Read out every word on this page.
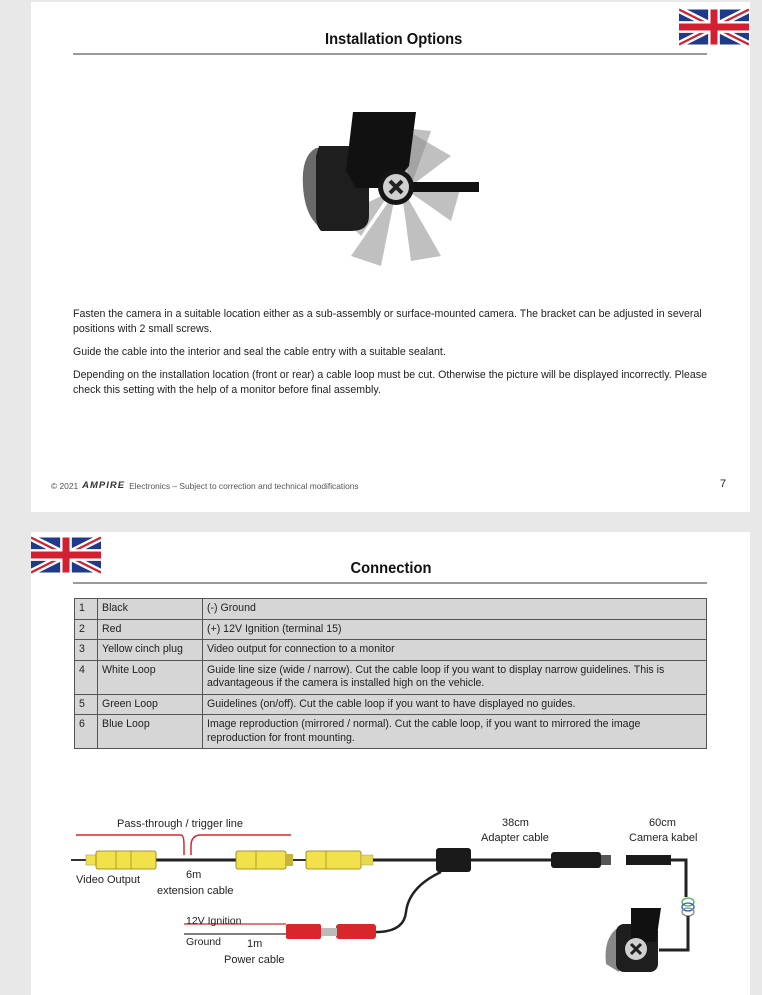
Installation Options

Fasten the camera in a suitable location either as a sub-assembly or surface-mounted camera. The bracket can be adjusted in several positions with 2 small screws.

Guide the cable into the interior and seal the cable entry with a suitable sealant.

Depending on the installation location (front or rear) a cable loop must be cut. Otherwise the picture will be displayed incorrectly. Please check this setting with the help of a monitor before final assembly.

© 2021 AMPIRE Electronics – Subject to correction and technical modifications	7
Connection
1	Black	(-) Ground
2	Red	(+) 12V Ignition (terminal 15)
3	Yellow cinch plug	Video output for connection to a monitor
4	White Loop	Guide line size (wide / narrow). Cut the cable loop if you want to display narrow guidelines. This is advantageous if the camera is installed high on the vehicle.
5	Green Loop	Guidelines (on/off). Cut the cable loop if you want to have displayed no guides.
6	Blue Loop	Image reproduction (mirrored / normal). Cut the cable loop, if you want to mirrored the image reproduction for front mounting.
Pass-through / trigger line
Video Output	6m
extension cable
38cm
Adapter cable
60cm
Camera kabel
12V Ignition
Ground 1m
Power cable
